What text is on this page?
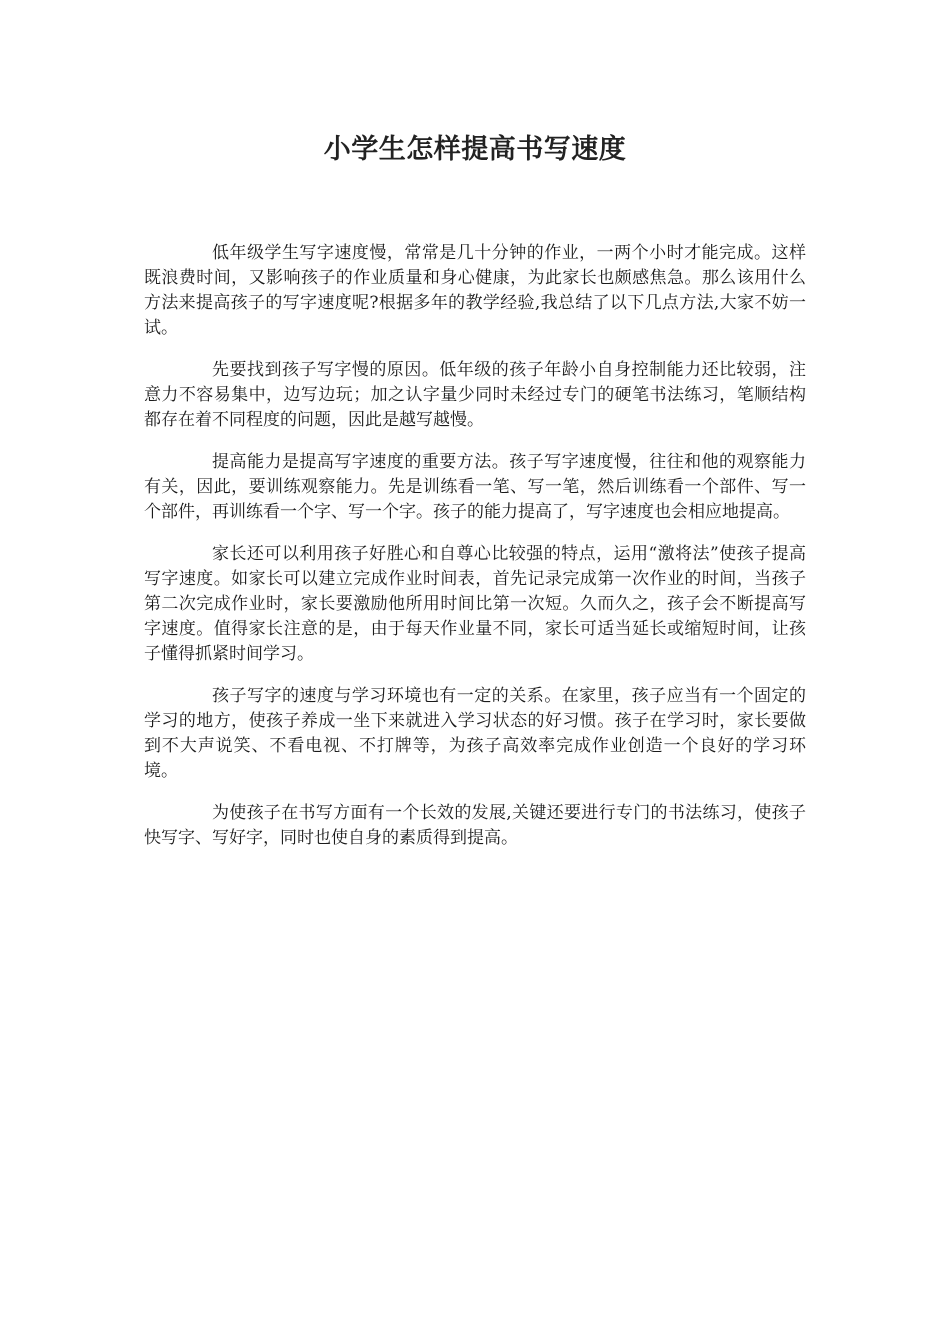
小学生怎样提高书写速度

低年级学生写字速度慢，常常是几十分钟的作业，一两个小时才能完成。这样既浪费时间，又影响孩子的作业质量和身心健康，为此家长也颇感焦急。那么该用什么方法来提高孩子的写字速度呢?根据多年的教学经验,我总结了以下几点方法,大家不妨一试。

先要找到孩子写字慢的原因。低年级的孩子年龄小自身控制能力还比较弱，注意力不容易集中，边写边玩；加之认字量少同时未经过专门的硬笔书法练习，笔顺结构都存在着不同程度的问题，因此是越写越慢。

提高能力是提高写字速度的重要方法。孩子写字速度慢，往往和他的观察能力有关，因此，要训练观察能力。先是训练看一笔、写一笔，然后训练看一个部件、写一个部件，再训练看一个字、写一个字。孩子的能力提高了，写字速度也会相应地提高。

家长还可以利用孩子好胜心和自尊心比较强的特点，运用“激将法”使孩子提高写字速度。如家长可以建立完成作业时间表，首先记录完成第一次作业的时间，当孩子第二次完成作业时，家长要激励他所用时间比第一次短。久而久之，孩子会不断提高写字速度。值得家长注意的是，由于每天作业量不同，家长可适当延长或缩短时间，让孩子懂得抓紧时间学习。

孩子写字的速度与学习环境也有一定的关系。在家里，孩子应当有一个固定的学习的地方，使孩子养成一坐下来就进入学习状态的好习惯。孩子在学习时，家长要做到不大声说笑、不看电视、不打牌等，为孩子高效率完成作业创造一个良好的学习环境。

为使孩子在书写方面有一个长效的发展,关键还要进行专门的书法练习，使孩子快写字、写好字，同时也使自身的素质得到提高。
